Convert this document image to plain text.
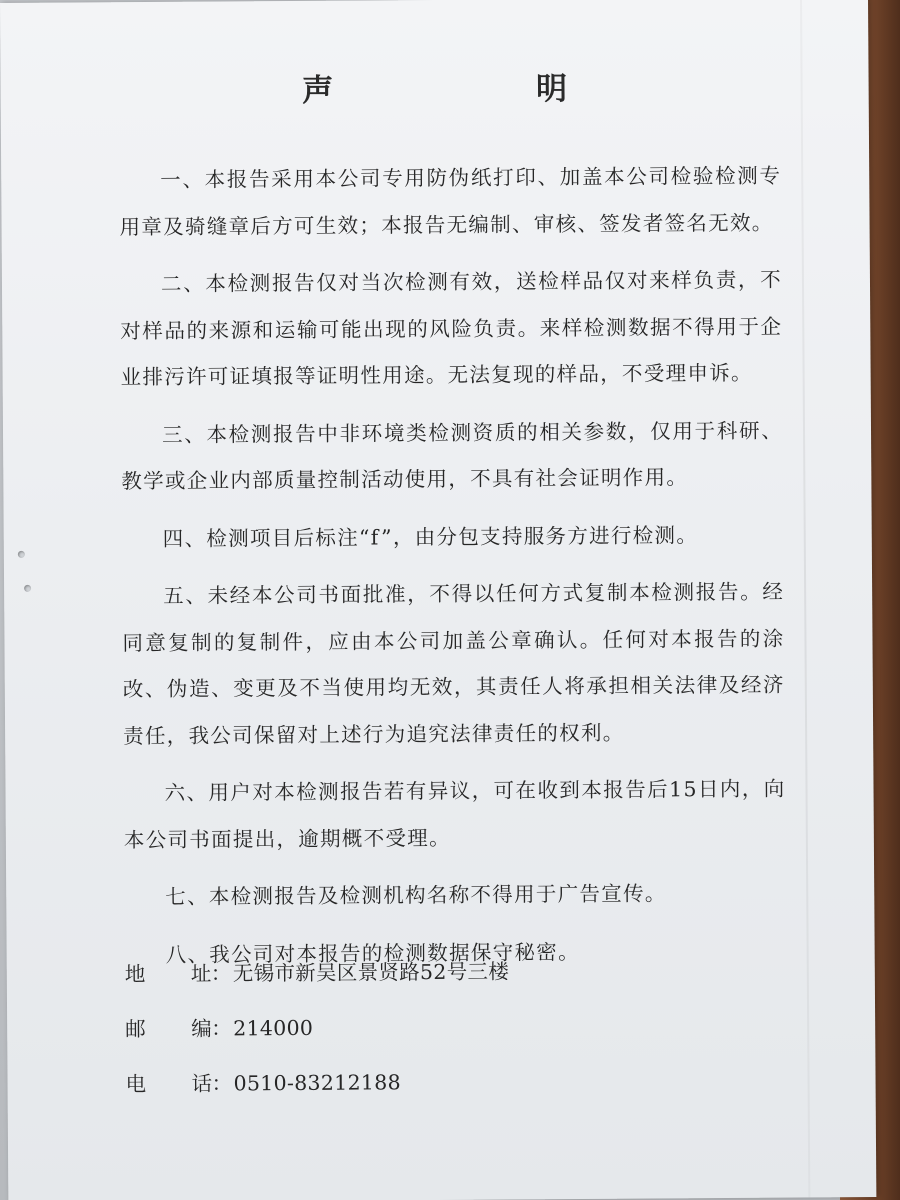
声 明

一、本报告采用本公司专用防伪纸打印、加盖本公司检验检测专用章及骑缝章后方可生效；本报告无编制、审核、签发者签名无效。

二、本检测报告仅对当次检测有效，送检样品仅对来样负责，不对样品的来源和运输可能出现的风险负责。来样检测数据不得用于企业排污许可证填报等证明性用途。无法复现的样品，不受理申诉。

三、本检测报告中非环境类检测资质的相关参数，仅用于科研、教学或企业内部质量控制活动使用，不具有社会证明作用。

四、检测项目后标注“f”，由分包支持服务方进行检测。

五、未经本公司书面批准，不得以任何方式复制本检测报告。经同意复制的复制件，应由本公司加盖公章确认。任何对本报告的涂改、伪造、变更及不当使用均无效，其责任人将承担相关法律及经济责任，我公司保留对上述行为追究法律责任的权利。

六、用户对本检测报告若有异议，可在收到本报告后15日内，向本公司书面提出，逾期概不受理。

七、本检测报告及检测机构名称不得用于广告宣传。

八、我公司对本报告的检测数据保守秘密。

地	址 ： 无锡市新吴区景贤路52号三楼
邮	编 ： 214000
电	话 ： 0510-83212188
